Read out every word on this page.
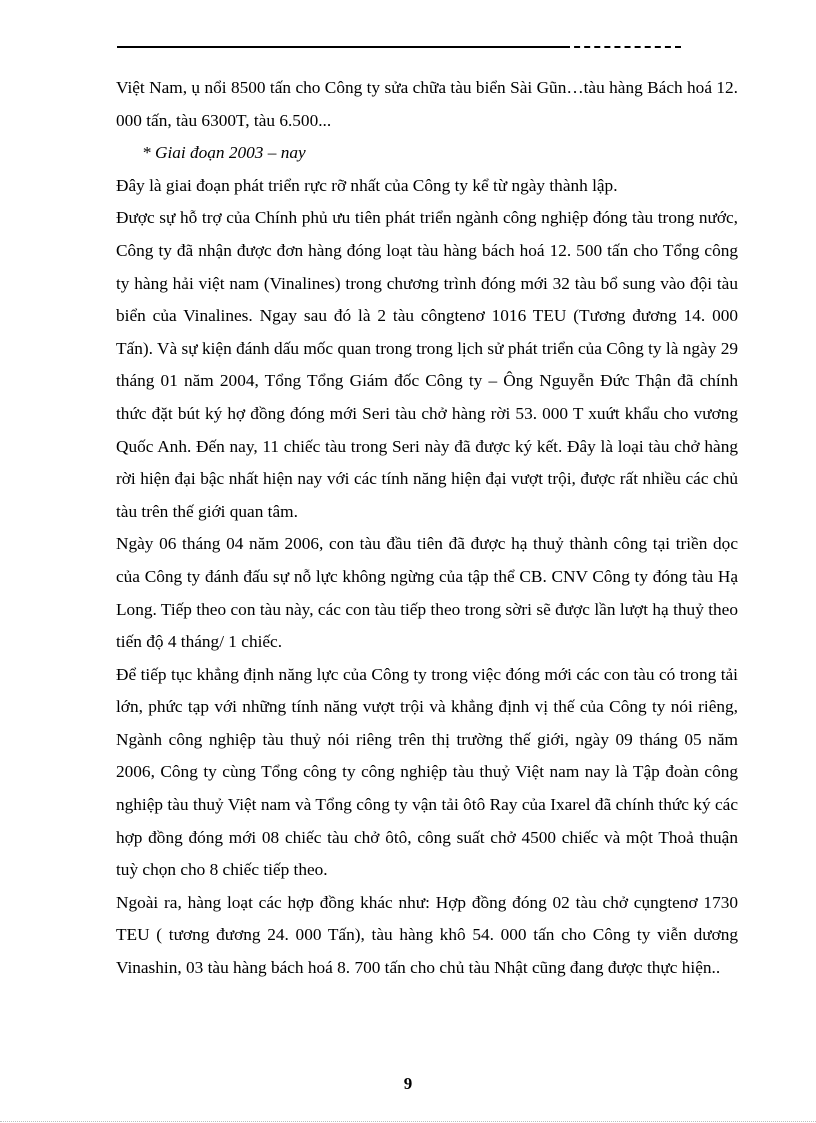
Việt Nam, ụ nổi 8500 tấn cho Công ty sửa chữa tàu biển Sài Gũn…tàu hàng Bách hoá 12. 000 tấn, tàu 6300T, tàu 6.500...

* Giai đoạn 2003 – nay

Đây là giai đoạn phát triển rực rỡ nhất của Công ty kể từ ngày thành lập.

Được sự hỗ trợ của Chính phủ ưu tiên phát triển ngành công nghiệp đóng tàu trong nước, Công ty đã nhận được đơn hàng đóng loạt tàu hàng bách hoá 12. 500 tấn cho Tổng công ty hàng hải việt nam (Vinalines) trong chương trình đóng mới 32 tàu bổ sung vào đội tàu biển của Vinalines. Ngay sau đó là 2 tàu côngtenơ 1016 TEU (Tương đương 14. 000 Tấn). Và sự kiện đánh dấu mốc quan trong trong lịch sử phát triển của Công ty là ngày 29 tháng 01 năm 2004, Tổng Tổng Giám đốc Công ty – Ông Nguyễn Đức Thận đã chính thức đặt bút ký hợ đồng đóng mới Seri tàu chở hàng rời 53. 000 T xuứt khẩu cho vương Quốc Anh. Đến nay, 11 chiếc tàu trong Seri này đã được ký kết. Đây là loại tàu chở hàng rời hiện đại bậc nhất hiện nay với các tính năng hiện đại vượt trội, được rất nhiều các chủ tàu trên thế giới quan tâm.

Ngày 06 tháng 04 năm 2006, con tàu đầu tiên đã được hạ thuỷ thành công tại triền dọc của Công ty đánh đấu sự nỗ lực không ngừng của tập thể CB. CNV Công ty đóng tàu Hạ Long. Tiếp theo con tàu này, các con tàu tiếp theo trong sờri sẽ được lần lượt hạ thuỷ theo tiến độ 4 tháng/ 1 chiếc.

Để tiếp tục khẳng định năng lực của Công ty trong việc đóng mới các con tàu có trong tải lớn, phức tạp với những tính năng vượt trội và khẳng định vị thế của Công ty nói riêng, Ngành công nghiệp tàu thuỷ nói riêng trên thị trường thế giới, ngày 09 tháng 05 năm 2006, Công ty cùng Tổng công ty công nghiệp tàu thuỷ Việt nam nay là Tập đoàn công nghiệp tàu thuỷ Việt nam và Tổng công ty vận tải ôtô Ray của Ixarel đã chính thức ký các hợp đồng đóng mới 08 chiếc tàu chở ôtô, công suất chở 4500 chiếc và một Thoả thuận tuỳ chọn cho 8 chiếc tiếp theo.

Ngoài ra, hàng loạt các hợp đồng khác như: Hợp đồng đóng 02 tàu chở cụngtenơ 1730 TEU ( tương đương 24. 000 Tấn), tàu hàng khô 54. 000 tấn cho Công ty viễn dương Vinashin, 03 tàu hàng bách hoá 8. 700 tấn cho chủ tàu Nhật cũng đang được thực hiện..

9
